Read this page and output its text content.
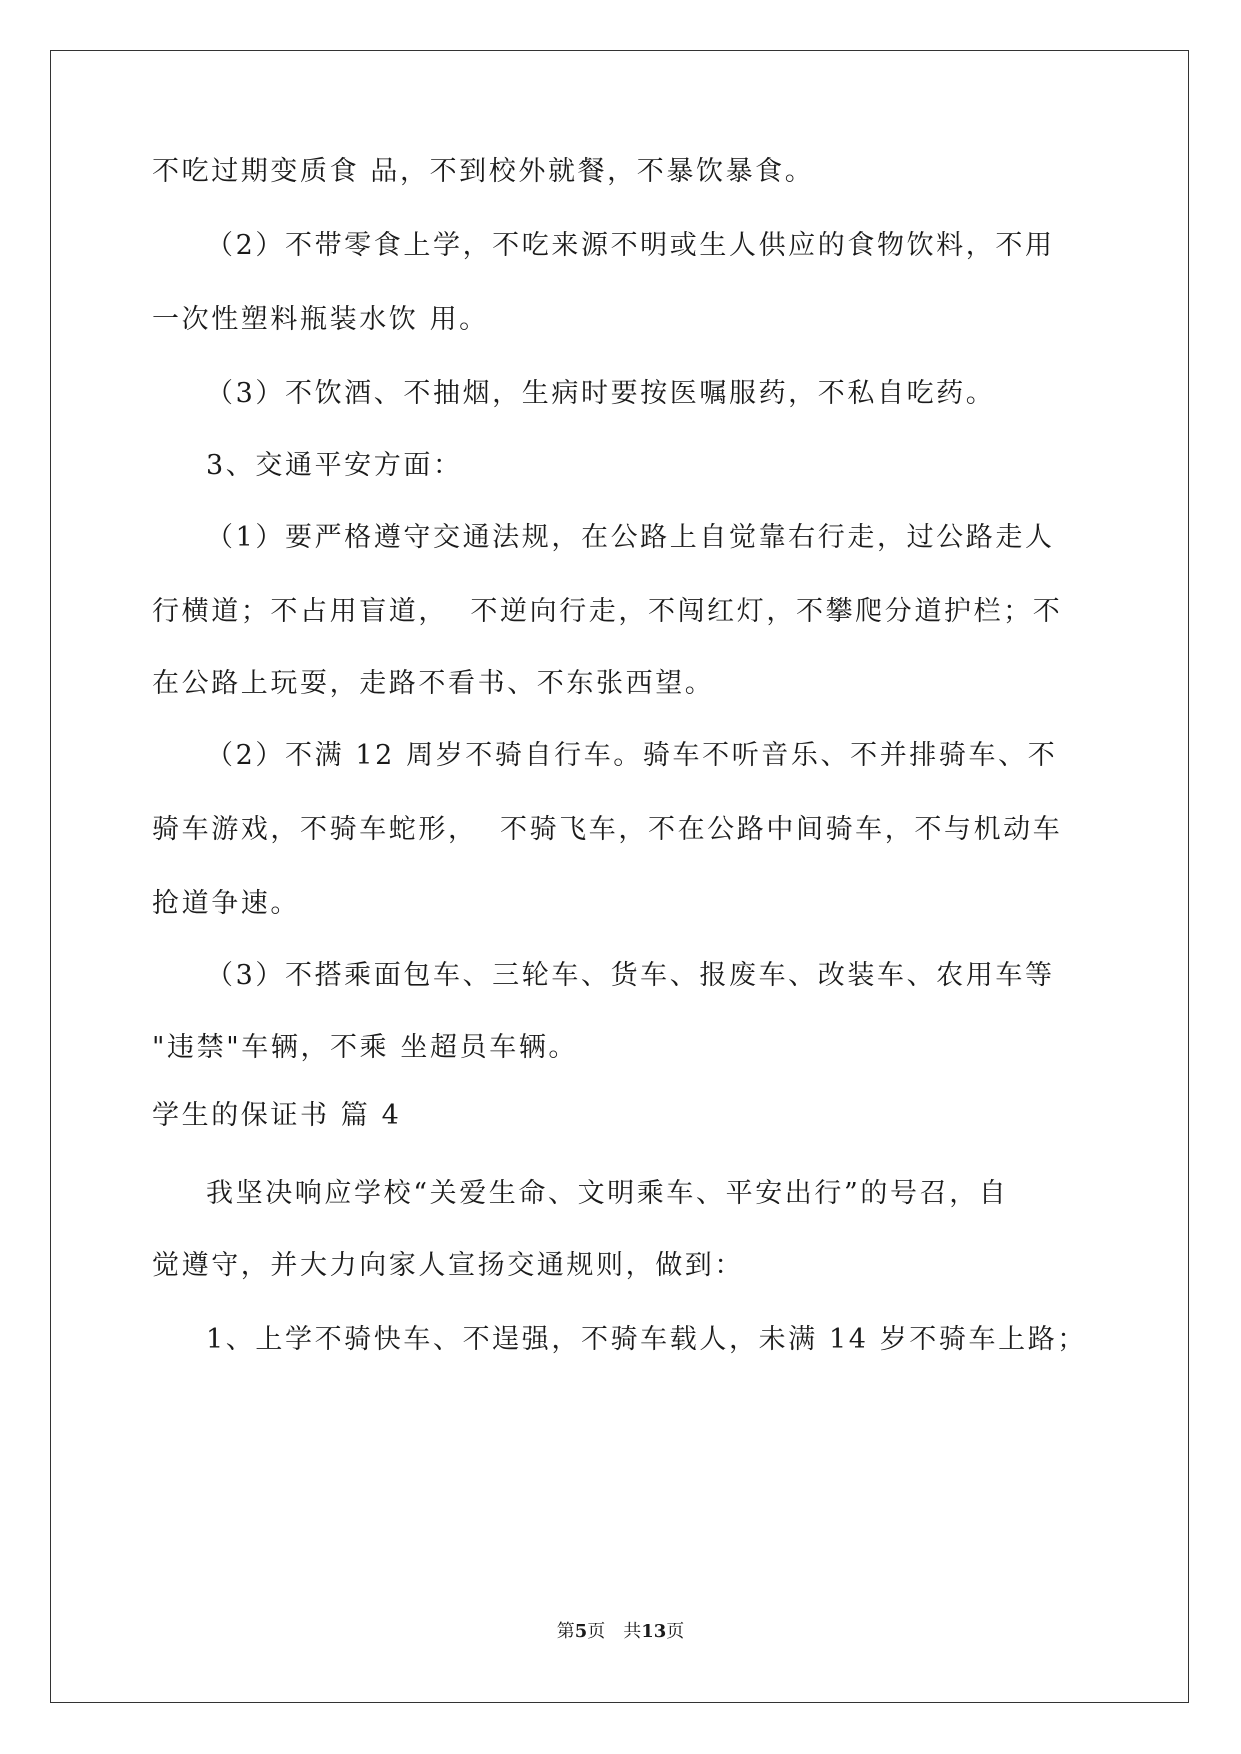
不吃过期变质食 品，不到校外就餐，不暴饮暴食。
（2）不带零食上学，不吃来源不明或生人供应的食物饮料，不用
一次性塑料瓶装水饮 用。
（3）不饮酒、不抽烟，生病时要按医嘱服药，不私自吃药。
3、交通平安方面：
（1）要严格遵守交通法规，在公路上自觉靠右行走，过公路走人
行横道；不占用盲道，  不逆向行走，不闯红灯，不攀爬分道护栏；不
在公路上玩耍，走路不看书、不东张西望。
（2）不满 12 周岁不骑自行车。骑车不听音乐、不并排骑车、不
骑车游戏，不骑车蛇形，  不骑飞车，不在公路中间骑车，不与机动车
抢道争速。
（3）不搭乘面包车、三轮车、货车、报废车、改装车、农用车等
"违禁"车辆，不乘 坐超员车辆。
学生的保证书 篇 4
我坚决响应学校“关爱生命、文明乘车、平安出行”的号召，自
觉遵守，并大力向家人宣扬交通规则，做到：
1、上学不骑快车、不逞强，不骑车载人，未满 14 岁不骑车上路；
第5页　共13页
